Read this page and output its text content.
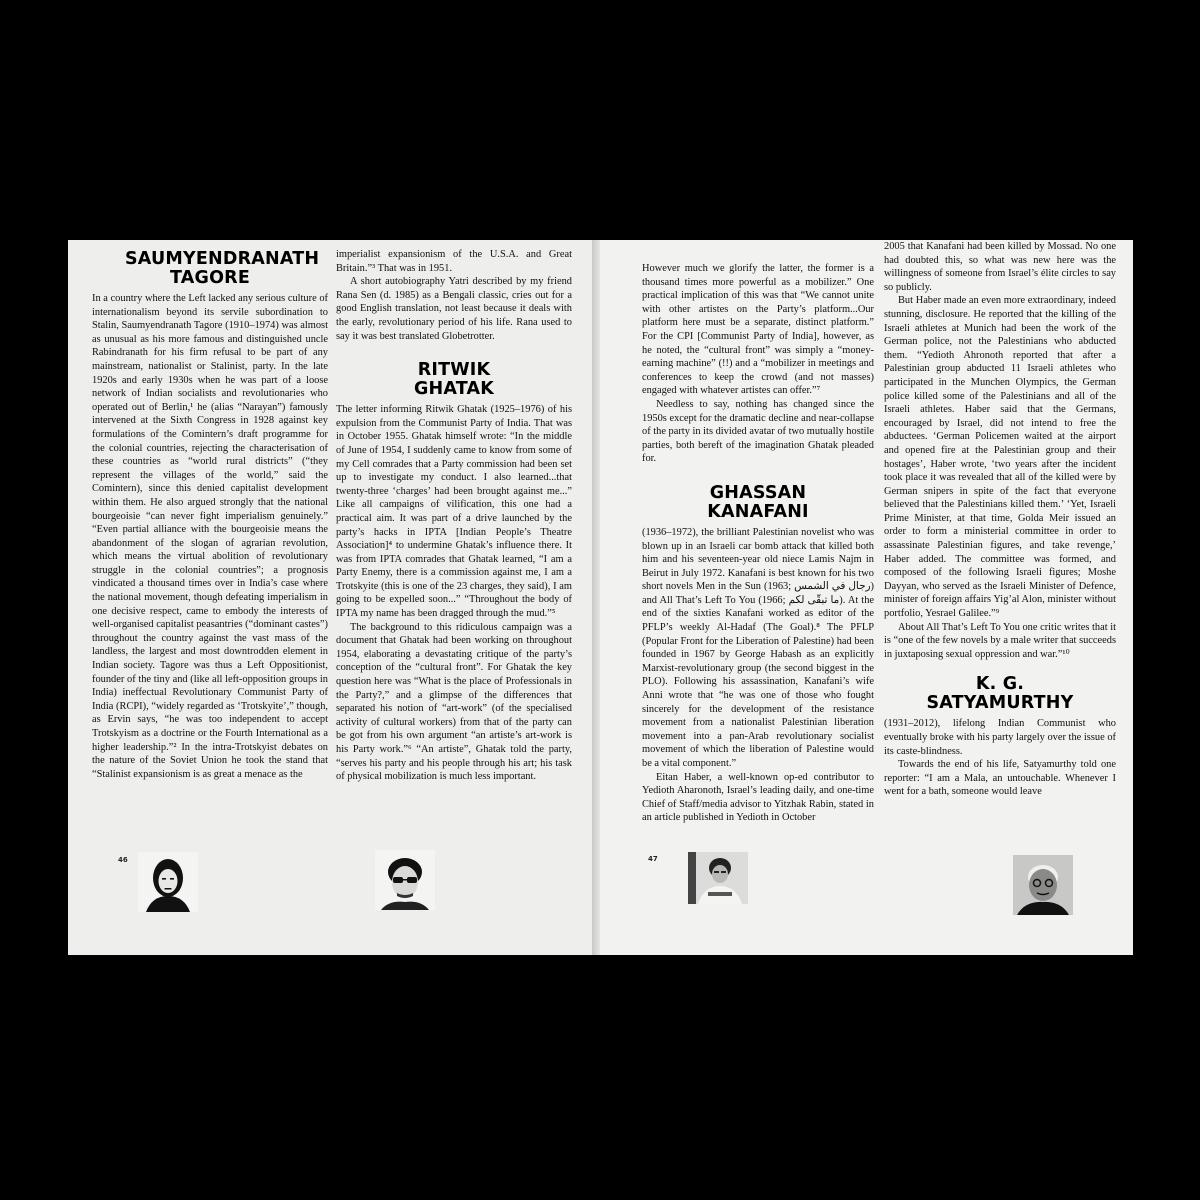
SAUMYENDRANATH TAGORE

In a country where the Left lacked any serious culture of internationalism beyond its servile subordination to Stalin, Saumyendranath Tagore (1910–1974) was almost as unusual as his more famous and distinguished uncle Rabindranath for his firm refusal to be part of any mainstream, nationalist or Stalinist, party. In the late 1920s and early 1930s when he was part of a loose network of Indian socialists and revolutionaries who operated out of Berlin,¹ he (alias “Narayan”) famously intervened at the Sixth Congress in 1928 against key formulations of the Comintern’s draft programme for the colonial countries, rejecting the characterisation of these countries as “world rural districts” (“they represent the villages of the world,” said the Comintern), since this denied capitalist development within them. He also argued strongly that the national bourgeoisie “can never fight imperialism genuinely.” “Even partial alliance with the bourgeoisie means the abandonment of the slogan of agrarian revolution, which means the virtual abolition of revolutionary struggle in the colonial countries”; a prognosis vindicated a thousand times over in India’s case where the national movement, though defeating imperialism in one decisive respect, came to embody the interests of well-organised capitalist peasantries (“dominant castes”) throughout the country against the vast mass of the landless, the largest and most downtrodden element in Indian society. Tagore was thus a Left Oppositionist, founder of the tiny and (like all left-opposition groups in India) ineffectual Revolutionary Communist Party of India (RCPI), “widely regarded as ‘Trotskyite’,” though, as Ervin says, “he was too independent to accept Trotskyism as a doctrine or the Fourth International as a higher leadership.”² In the intra-Trotskyist debates on the nature of the Soviet Union he took the stand that “Stalinist expansionism is as great a menace as the

imperialist expansionism of the U.S.A. and Great Britain.”³ That was in 1951.

A short autobiography Yatri described by my friend Rana Sen (d. 1985) as a Bengali classic, cries out for a good English translation, not least because it deals with the early, revolutionary period of his life. Rana used to say it was best translated Globetrotter.

RITWIK GHATAK

The letter informing Ritwik Ghatak (1925–1976) of his expulsion from the Communist Party of India. That was in October 1955. Ghatak himself wrote: “In the middle of June of 1954, I suddenly came to know from some of my Cell comrades that a Party commission had been set up to investigate my conduct. I also learned...that twenty-three ‘charges’ had been brought against me...” Like all campaigns of vilification, this one had a practical aim. It was part of a drive launched by the party’s hacks in IPTA [Indian People’s Theatre Association]⁴ to undermine Ghatak’s influence there. It was from IPTA comrades that Ghatak learned, “I am a Party Enemy, there is a commission against me, I am a Trotskyite (this is one of the 23 charges, they said), I am going to be expelled soon...” “Throughout the body of IPTA my name has been dragged through the mud.”⁵

The background to this ridiculous campaign was a document that Ghatak had been working on throughout 1954, elaborating a devastating critique of the party’s conception of the “cultural front”. For Ghatak the key question here was “What is the place of Professionals in the Party?,” and a glimpse of the differences that separated his notion of “art-work” (of the specialised activity of cultural workers) from that of the party can be got from his own argument “an artiste’s art-work is his Party work.”⁶ “An artiste”, Ghatak told the party, “serves his party and his people through his art; his task of physical mobilization is much less important.

46

However much we glorify the latter, the former is a thousand times more powerful as a mobilizer.” One practical implication of this was that “We cannot unite with other artistes on the Party’s platform...Our platform here must be a separate, distinct platform.” For the CPI [Communist Party of India], however, as he noted, the “cultural front” was simply a “money-earning machine” (!!) and a “mobilizer in meetings and conferences to keep the crowd (and not masses) engaged with whatever artistes can offer.”⁷

Needless to say, nothing has changed since the 1950s except for the dramatic decline and near-collapse of the party in its divided avatar of two mutually hostile parties, both bereft of the imagination Ghatak pleaded for.

GHASSAN KANAFANI

(1936–1972), the brilliant Palestinian novelist who was blown up in an Israeli car bomb attack that killed both him and his seventeen-year old niece Lamis Najm in Beirut in July 1972. Kanafani is best known for his two short novels Men in the Sun (1963; رجال في الشمس) and All That’s Left To You (1966; ما تبقّى لكم). At the end of the sixties Kanafani worked as editor of the PFLP’s weekly Al-Hadaf (The Goal).⁸ The PFLP (Popular Front for the Liberation of Palestine) had been founded in 1967 by George Habash as an explicitly Marxist-revolutionary group (the second biggest in the PLO). Following his assassination, Kanafani’s wife Anni wrote that “he was one of those who fought sincerely for the development of the resistance movement from a nationalist Palestinian liberation movement into a pan-Arab revolutionary socialist movement of which the liberation of Palestine would be a vital component.”

Eitan Haber, a well-known op-ed contributor to Yedioth Aharonoth, Israel’s leading daily, and one-time Chief of Staff/media advisor to Yitzhak Rabin, stated in an article published in Yedioth in October

2005 that Kanafani had been killed by Mossad. No one had doubted this, so what was new here was the willingness of someone from Israel’s élite circles to say so publicly.

But Haber made an even more extraordinary, indeed stunning, disclosure. He reported that the killing of the Israeli athletes at Munich had been the work of the German police, not the Palestinians who abducted them. “Yedioth Ahronoth reported that after a Palestinian group abducted 11 Israeli athletes who participated in the Munchen Olympics, the German police killed some of the Palestinians and all of the Israeli athletes. Haber said that the Germans, encouraged by Israel, did not intend to free the abductees. ‘German Policemen waited at the airport and opened fire at the Palestinian group and their hostages’, Haber wrote, ‘two years after the incident took place it was revealed that all of the killed were by German snipers in spite of the fact that everyone believed that the Palestinians killed them.’ ‘Yet, Israeli Prime Minister, at that time, Golda Meir issued an order to form a ministerial committee in order to assassinate Palestinian figures, and take revenge,’ Haber added. The committee was formed, and composed of the following Israeli figures; Moshe Dayyan, who served as the Israeli Minister of Defence, minister of foreign affairs Yig’al Alon, minister without portfolio, Yesrael Galilee.”⁹

About All That’s Left To You one critic writes that it is “one of the few novels by a male writer that succeeds in juxtaposing sexual oppression and war.”¹⁰

K. G. SATYAMURTHY

(1931–2012), lifelong Indian Communist who eventually broke with his party largely over the issue of its caste-blindness.

Towards the end of his life, Satyamurthy told one reporter: “I am a Mala, an untouchable. Whenever I went for a bath, someone would leave

47
